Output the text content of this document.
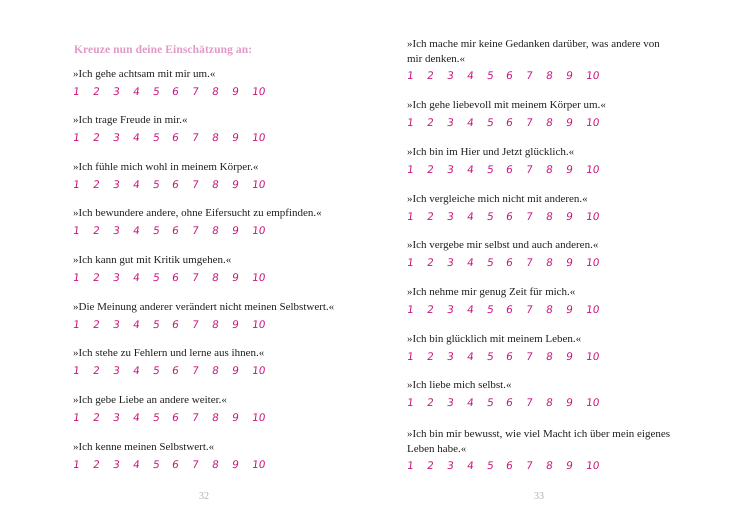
Kreuze nun deine Einschätzung an:

»Ich gehe achtsam mit mir um.«

1	2	3	4	5	6	7	8	9	10

»Ich trage Freude in mir.«

1	2	3	4	5	6	7	8	9	10

»Ich fühle mich wohl in meinem Körper.«

1	2	3	4	5	6	7	8	9	10

»Ich bewundere andere, ohne Eifersucht zu empfinden.«

1	2	3	4	5	6	7	8	9	10

»Ich kann gut mit Kritik umgehen.«

1	2	3	4	5	6	7	8	9	10

»Die Meinung anderer verändert nicht meinen Selbstwert.«

1	2	3	4	5	6	7	8	9	10

»Ich stehe zu Fehlern und lerne aus ihnen.«

1	2	3	4	5	6	7	8	9	10

»Ich gebe Liebe an andere weiter.«

1	2	3	4	5	6	7	8	9	10

»Ich kenne meinen Selbstwert.«

1	2	3	4	5	6	7	8	9	10
32

»Ich mache mir keine Gedanken darüber, was andere von mir denken.«

1	2	3	4	5	6	7	8	9	10

»Ich gehe liebevoll mit meinem Körper um.«

1	2	3	4	5	6	7	8	9	10

»Ich bin im Hier und Jetzt glücklich.«

1	2	3	4	5	6	7	8	9	10

»Ich vergleiche mich nicht mit anderen.«

1	2	3	4	5	6	7	8	9	10

»Ich vergebe mir selbst und auch anderen.«

1	2	3	4	5	6	7	8	9	10

»Ich nehme mir genug Zeit für mich.«

1	2	3	4	5	6	7	8	9	10

»Ich bin glücklich mit meinem Leben.«

1	2	3	4	5	6	7	8	9	10

»Ich liebe mich selbst.«

1	2	3	4	5	6	7	8	9	10

»Ich bin mir bewusst, wie viel Macht ich über mein eigenes Leben habe.«

1	2	3	4	5	6	7	8	9	10
33
